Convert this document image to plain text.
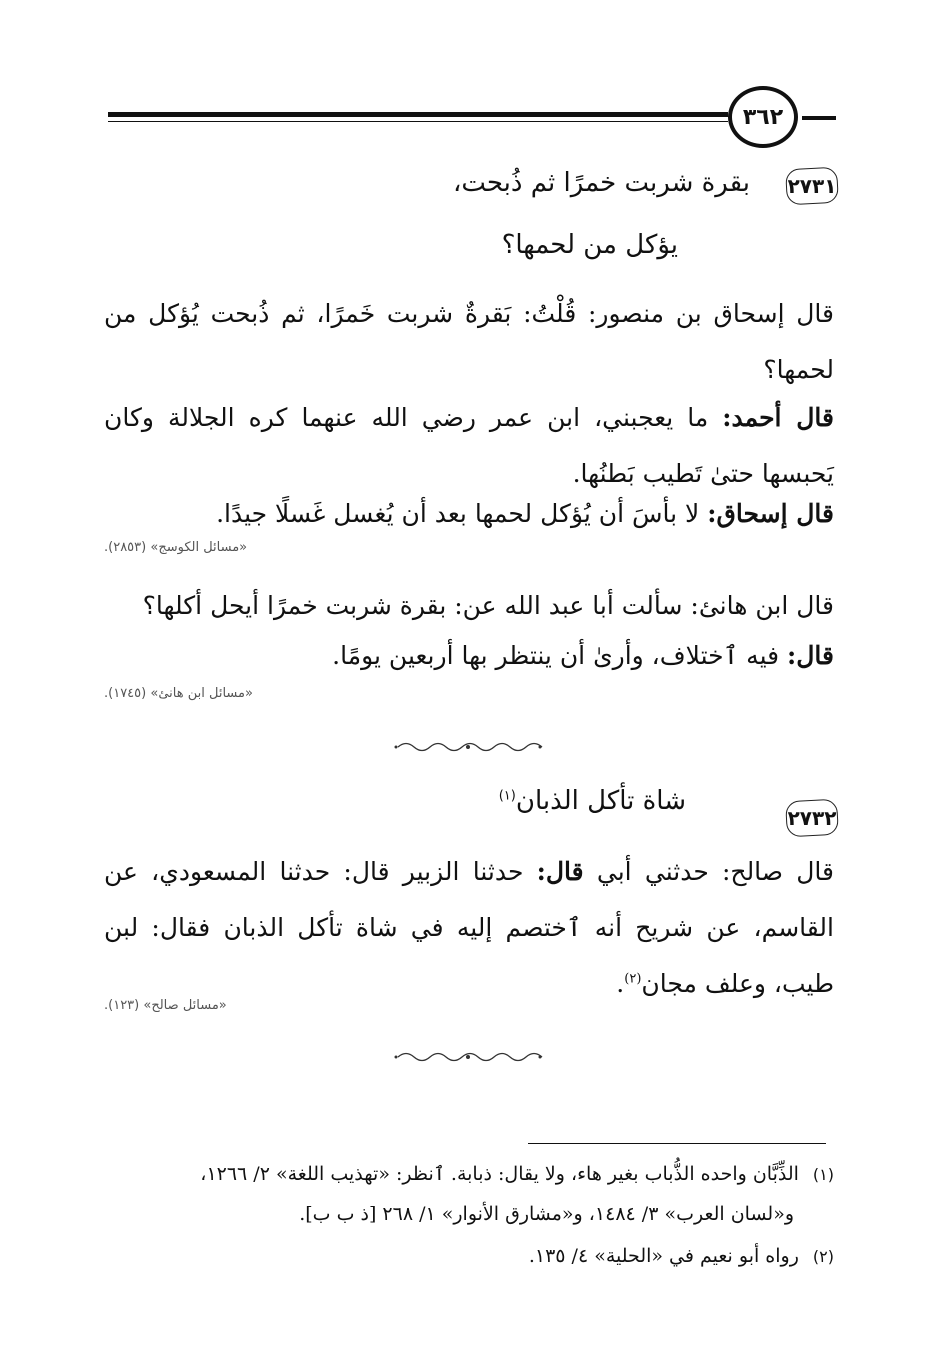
٣٦٢
٢٧٣١
بقرة شربت خمرًا ثم ذُبحت،
يؤكل من لحمها؟
قال إسحاق بن منصور: قُلْتُ: بَقرةٌ شربت خَمرًا، ثم ذُبحت يُؤكل من لحمها؟
قال أحمد: ما يعجبني، ابن عمر رضي الله عنهما كره الجلالة وكان يَحبسها حتىٰ تَطيب بَطنُها.
قال إسحاق: لا بأسَ أن يُؤكل لحمها بعد أن يُغسل غَسلًا جيدًا.
«مسائل الكوسج» (٢٨٥٣).
قال ابن هانئ: سألت أبا عبد الله عن: بقرة شربت خمرًا أيحل أكلها؟
قال: فيه ٱختلاف، وأرىٰ أن ينتظر بها أربعين يومًا.
«مسائل ابن هانئ» (١٧٤٥).
٢٧٣٢
شاة تأكل الذبان$^{(١)}$
قال صالح: حدثني أبي قال: حدثنا الزبير قال: حدثنا المسعودي، عن القاسم، عن شريح أنه ٱختصم إليه في شاة تأكل الذبان فقال: لبن طيب، وعلف مجان$^{(٢)}$.
«مسائل صالح» (١٢٣).
(١)الذِّبَّان واحده الذُّباب بغير هاء، ولا يقال: ذبابة. ٱنظر: «تهذيب اللغة» ٢/ ١٢٦٦،
و«لسان العرب» ٣/ ١٤٨٤، و«مشارق الأنوار» ١/ ٢٦٨ [ذ ب ب].
(٢)رواه أبو نعيم في «الحلية» ٤/ ١٣٥.
